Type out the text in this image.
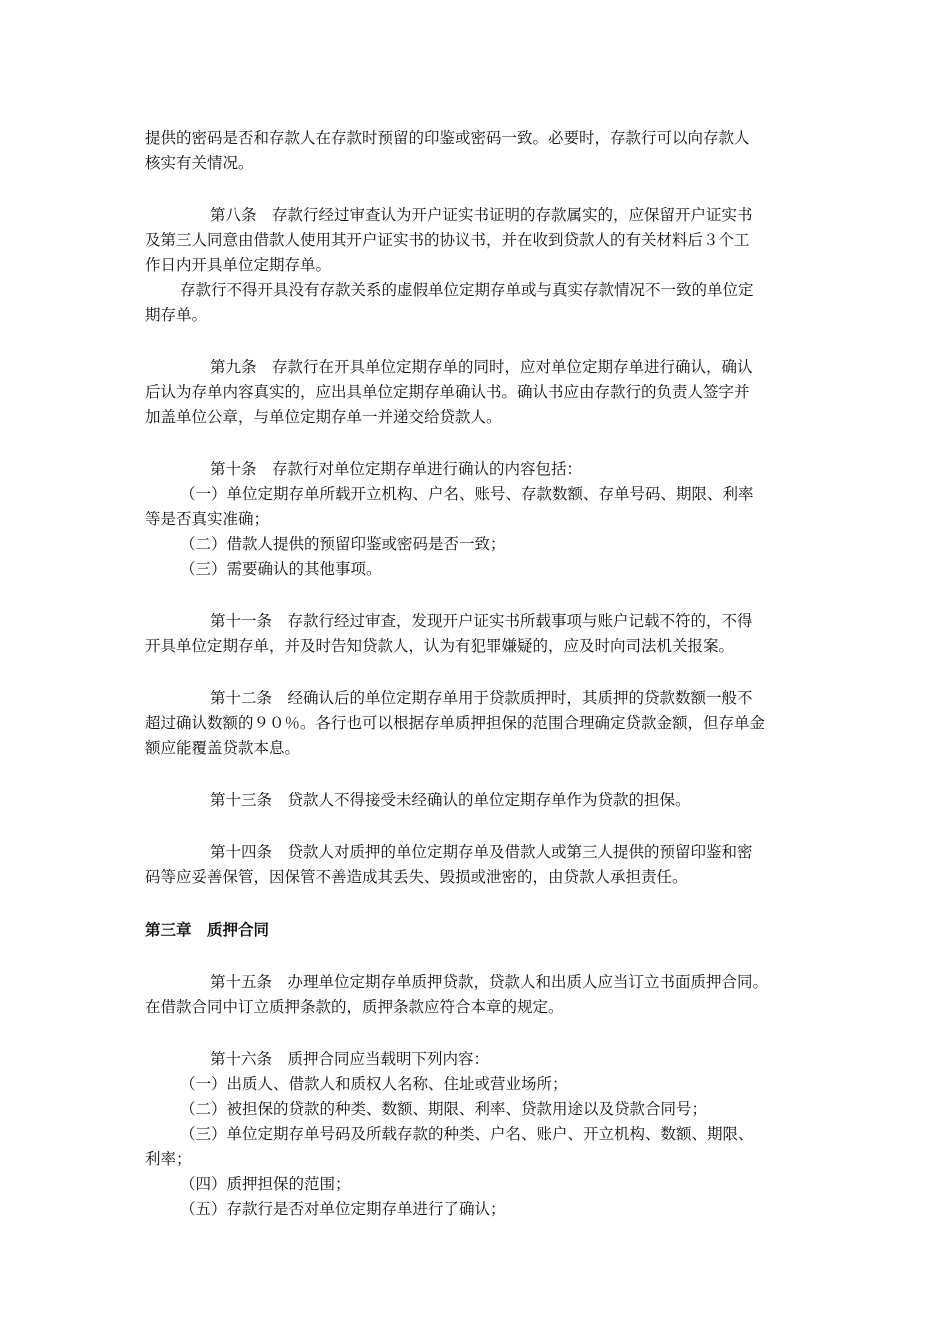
提供的密码是否和存款人在存款时预留的印鉴或密码一致。必要时，存款行可以向存款人
核实有关情况。
第八条　存款行经过审查认为开户证实书证明的存款属实的，应保留开户证实书
及第三人同意由借款人使用其开户证实书的协议书，并在收到贷款人的有关材料后３个工
作日内开具单位定期存单。
存款行不得开具没有存款关系的虚假单位定期存单或与真实存款情况不一致的单位定
期存单。
第九条　存款行在开具单位定期存单的同时，应对单位定期存单进行确认，确认
后认为存单内容真实的，应出具单位定期存单确认书。确认书应由存款行的负责人签字并
加盖单位公章，与单位定期存单一并递交给贷款人。
第十条　存款行对单位定期存单进行确认的内容包括：
（一）单位定期存单所载开立机构、户名、账号、存款数额、存单号码、期限、利率
等是否真实准确；
（二）借款人提供的预留印鉴或密码是否一致；
（三）需要确认的其他事项。
第十一条　存款行经过审查，发现开户证实书所载事项与账户记载不符的，不得
开具单位定期存单，并及时告知贷款人，认为有犯罪嫌疑的，应及时向司法机关报案。
第十二条　经确认后的单位定期存单用于贷款质押时，其质押的贷款数额一般不
超过确认数额的９０％。各行也可以根据存单质押担保的范围合理确定贷款金额，但存单金
额应能覆盖贷款本息。
第十三条　贷款人不得接受未经确认的单位定期存单作为贷款的担保。
第十四条　贷款人对质押的单位定期存单及借款人或第三人提供的预留印鉴和密
码等应妥善保管，因保管不善造成其丢失、毁损或泄密的，由贷款人承担责任。
第三章　质押合同
第十五条　办理单位定期存单质押贷款，贷款人和出质人应当订立书面质押合同。
在借款合同中订立质押条款的，质押条款应符合本章的规定。
第十六条　质押合同应当载明下列内容：
（一）出质人、借款人和质权人名称、住址或营业场所；
（二）被担保的贷款的种类、数额、期限、利率、贷款用途以及贷款合同号；
（三）单位定期存单号码及所载存款的种类、户名、账户、开立机构、数额、期限、
利率；
（四）质押担保的范围；
（五）存款行是否对单位定期存单进行了确认；
